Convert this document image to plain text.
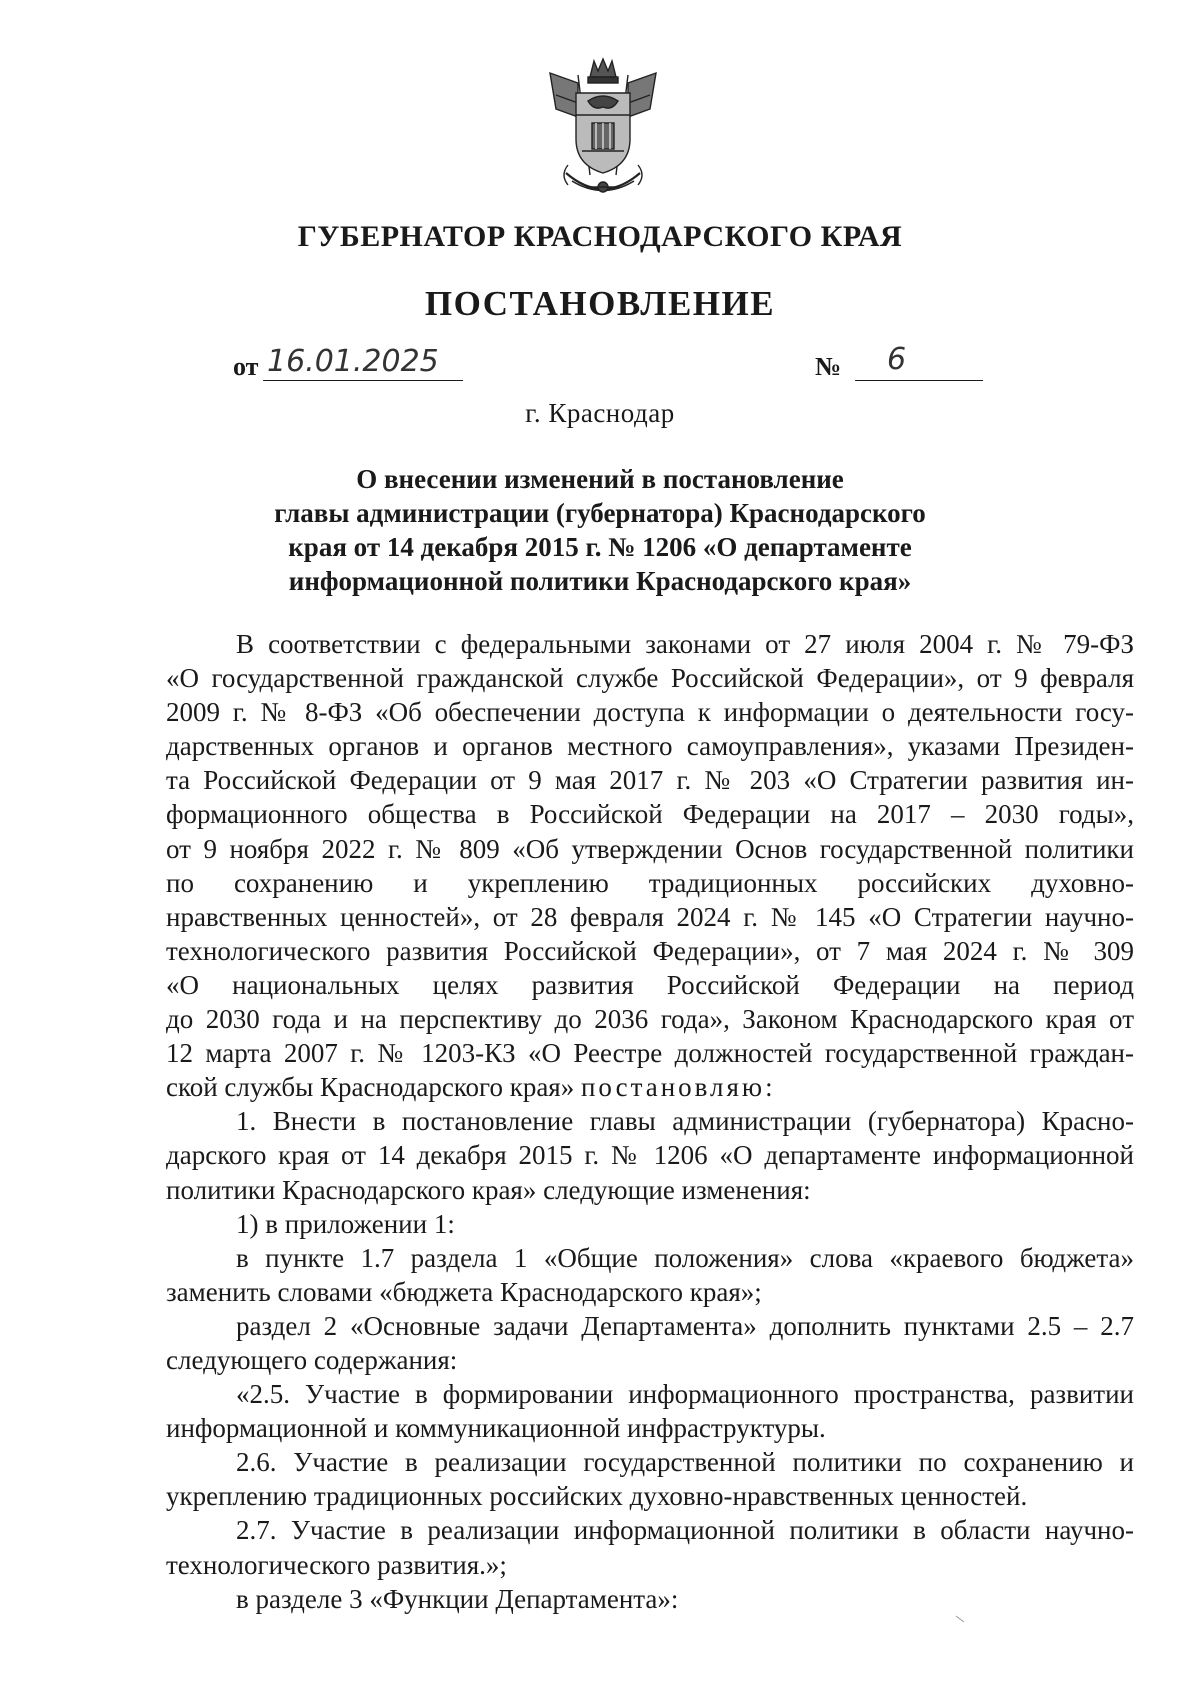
ГУБЕРНАТОР КРАСНОДАРСКОГО КРАЯ
ПОСТАНОВЛЕНИЕ
от 16.01.2025	№ 6
г. Краснодар
О внесении изменений в постановление
главы администрации (губернатора) Краснодарского
края от 14 декабря 2015 г. № 1206 «О департаменте
информационной политики Краснодарского края»
В соответствии с федеральными законами от 27 июля 2004 г. № 79-ФЗ
«О государственной гражданской службе Российской Федерации», от 9 февраля
2009 г. № 8-ФЗ «Об обеспечении доступа к информации о деятельности госу-
дарственных органов и органов местного самоуправления», указами Президен-
та Российской Федерации от 9 мая 2017 г. № 203 «О Стратегии развития ин-
формационного общества в Российской Федерации на 2017 – 2030 годы»,
от 9 ноября 2022 г. № 809 «Об утверждении Основ государственной политики
по сохранению и укреплению традиционных российских духовно-
нравственных ценностей», от 28 февраля 2024 г. № 145 «О Стратегии научно-
технологического развития Российской Федерации», от 7 мая 2024 г. № 309
«О национальных целях развития Российской Федерации на период
до 2030 года и на перспективу до 2036 года», Законом Краснодарского края от
12 марта 2007 г. № 1203-КЗ «О Реестре должностей государственной граждан-
ской службы Краснодарского края» постановляю:
1. Внести в постановление главы администрации (губернатора) Красно-
дарского края от 14 декабря 2015 г. № 1206 «О департаменте информационной
политики Краснодарского края» следующие изменения:
1) в приложении 1:
в пункте 1.7 раздела 1 «Общие положения» слова «краевого бюджета»
заменить словами «бюджета Краснодарского края»;
раздел 2 «Основные задачи Департамента» дополнить пунктами 2.5 – 2.7
следующего содержания:
«2.5. Участие в формировании информационного пространства, развитии
информационной и коммуникационной инфраструктуры.
2.6. Участие в реализации государственной политики по сохранению и
укреплению традиционных российских духовно-нравственных ценностей.
2.7. Участие в реализации информационной политики в области научно-
технологического развития.»;
в разделе 3 «Функции Департамента»:
